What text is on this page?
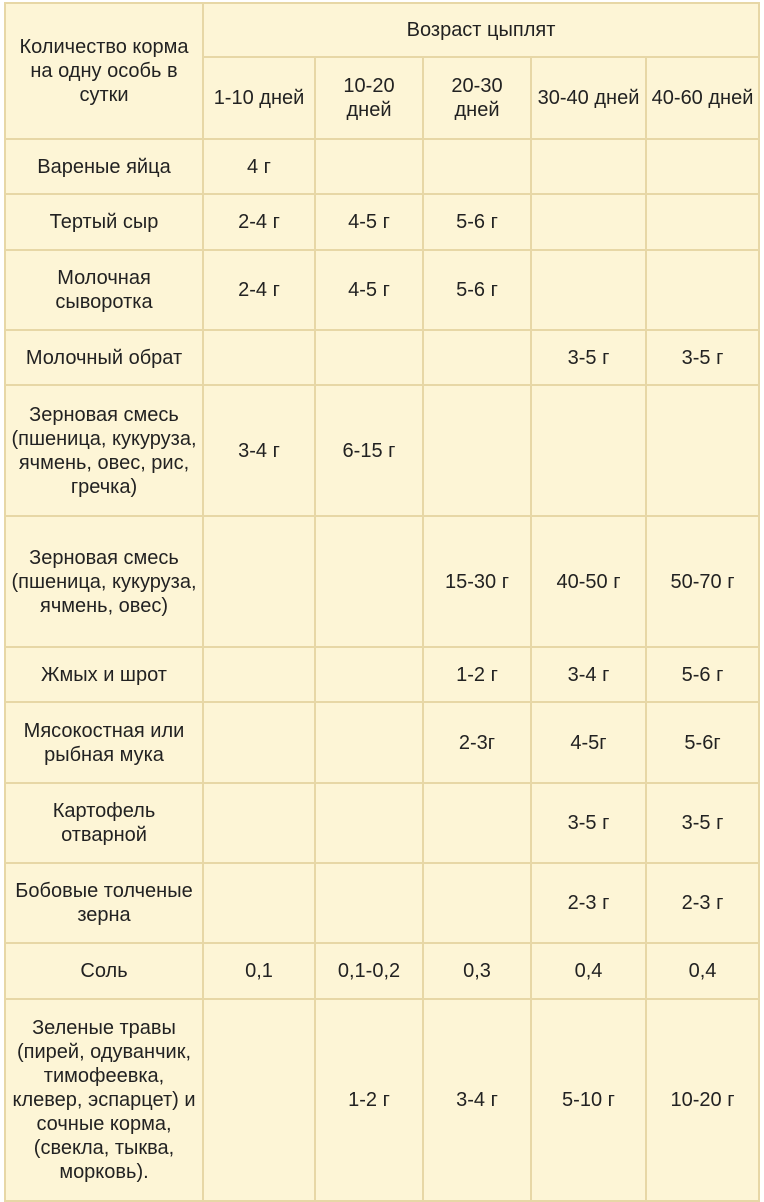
Количество корма на одну особь в сутки	Возраст цыплят				
	1-10 дней	10-20 дней	20-30 дней	30-40 дней	40-60 дней
Вареные яйца	4 г				
Тертый сыр	2-4 г	4-5 г	5-6 г		
Молочная сыворотка	2-4 г	4-5 г	5-6 г		
Молочный обрат				3-5 г	3-5 г
Зерновая смесь (пшеница, кукуруза, ячмень, овес, рис, гречка)	3-4 г	6-15 г			
Зерновая смесь (пшеница, кукуруза, ячмень, овес)			15-30 г	40-50 г	50-70 г
Жмых и шрот			1-2 г	3-4 г	5-6 г
Мясокостная или рыбная мука			2-3г	4-5г	5-6г
Картофель отварной				3-5 г	3-5 г
Бобовые толченые зерна				2-3 г	2-3 г
Соль	0,1	0,1-0,2	0,3	0,4	0,4
Зеленые травы (пирей, одуванчик, тимофеевка, клевер, эспарцет) и сочные корма, (свекла, тыква, морковь).		1-2 г	3-4 г	5-10 г	10-20 г
